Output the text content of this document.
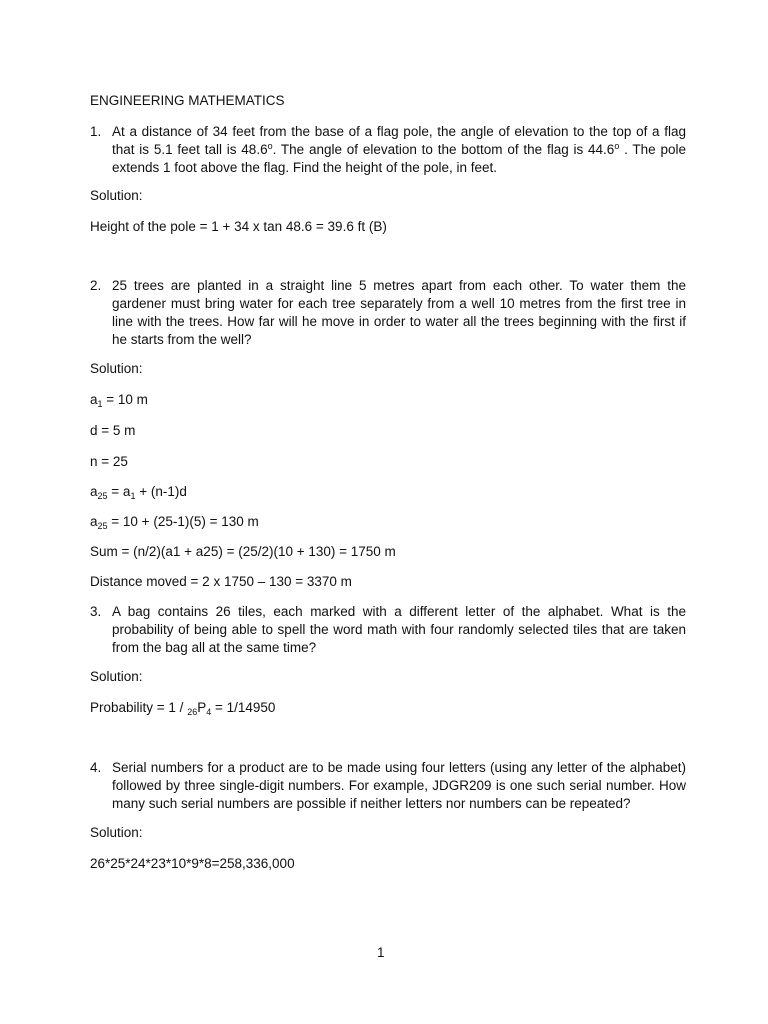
ENGINEERING MATHEMATICS
1. At a distance of 34 feet from the base of a flag pole, the angle of elevation to the top of a flag that is 5.1 feet tall is 48.6$^o$. The angle of elevation to the bottom of the flag is 44.6$^o$ . The pole extends 1 foot above the flag. Find the height of the pole, in feet.
Solution:
Height of the pole = 1 + 34 x tan 48.6 = 39.6 ft (B)
2. 25 trees are planted in a straight line 5 metres apart from each other. To water them the gardener must bring water for each tree separately from a well 10 metres from the first tree in line with the trees. How far will he move in order to water all the trees beginning with the first if he starts from the well?
Solution:
$a_1 = 10$ m
d = 5 m
n = 25
$a_{25} = a_1 + (n-1)d$
$a_{25} = 10 + (25-1)(5) = 130$ m
Sum = (n/2)(a1 + a25) = (25/2)(10 + 130) = 1750 m
Distance moved = 2 x 1750 – 130 = 3370 m
3. A bag contains 26 tiles, each marked with a different letter of the alphabet. What is the probability of being able to spell the word math with four randomly selected tiles that are taken from the bag all at the same time?
Solution:
Probability = $1 / _{26}P_4 = 1/14950$
4. Serial numbers for a product are to be made using four letters (using any letter of the alphabet) followed by three single-digit numbers. For example, JDGR209 is one such serial number. How many such serial numbers are possible if neither letters nor numbers can be repeated?
Solution:
26*25*24*23*10*9*8=258,336,000
1
